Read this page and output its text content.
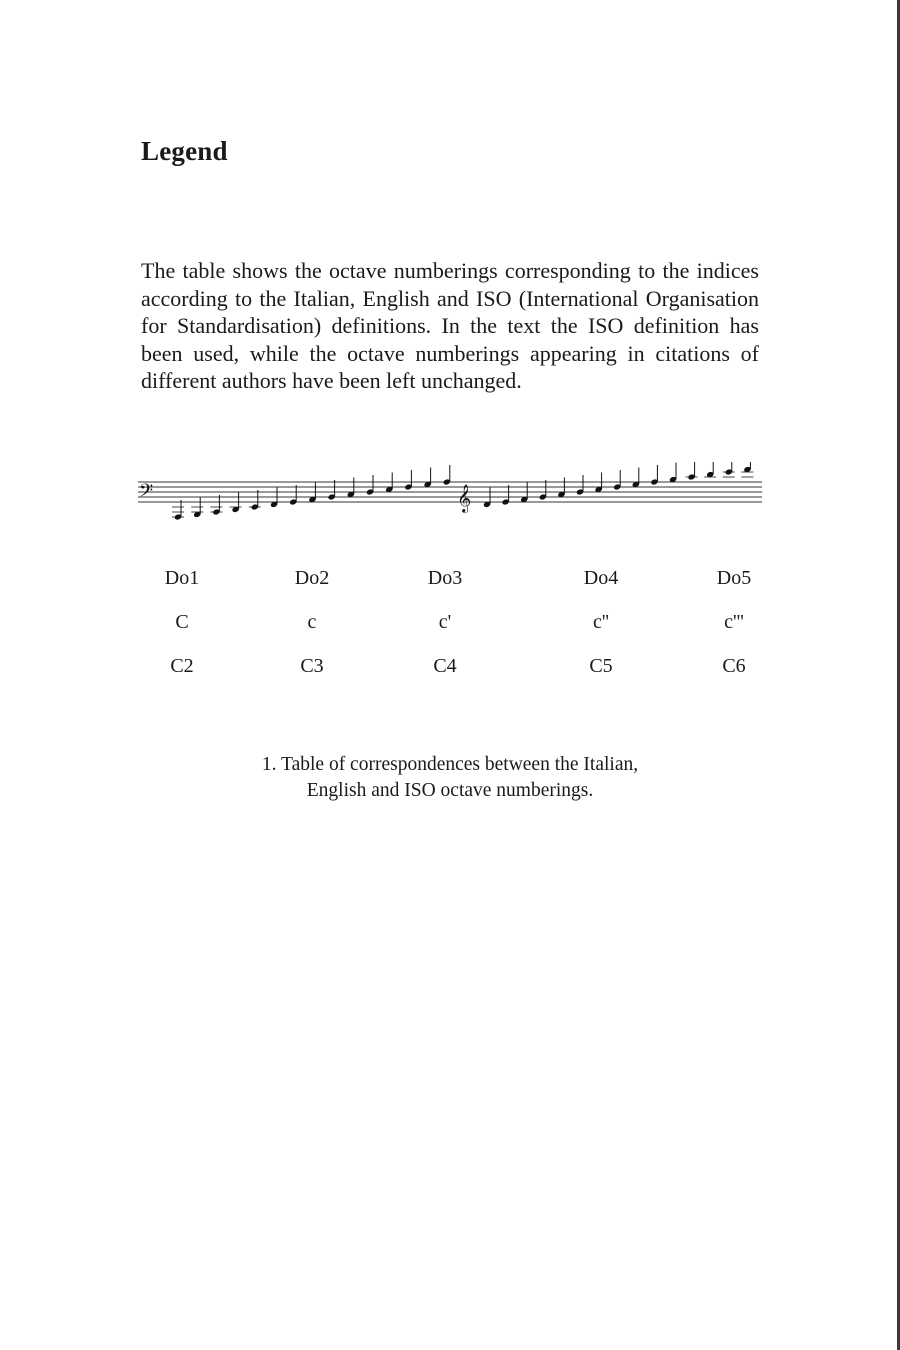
Legend

The table shows the octave numberings corresponding to the indices according to the Italian, English and ISO (International Organisation for Standardisation) definitions. In the text the ISO definition has been used, while the octave numberings appearing in citations of different authors have been left unchanged.

𝄢	𝄞
Do1	Do2	Do3	Do4	Do5
C	c	c'	c''	c'''
C2	C3	C4	C5	C6

1. Table of correspondences between the Italian,
English and ISO octave numberings.
